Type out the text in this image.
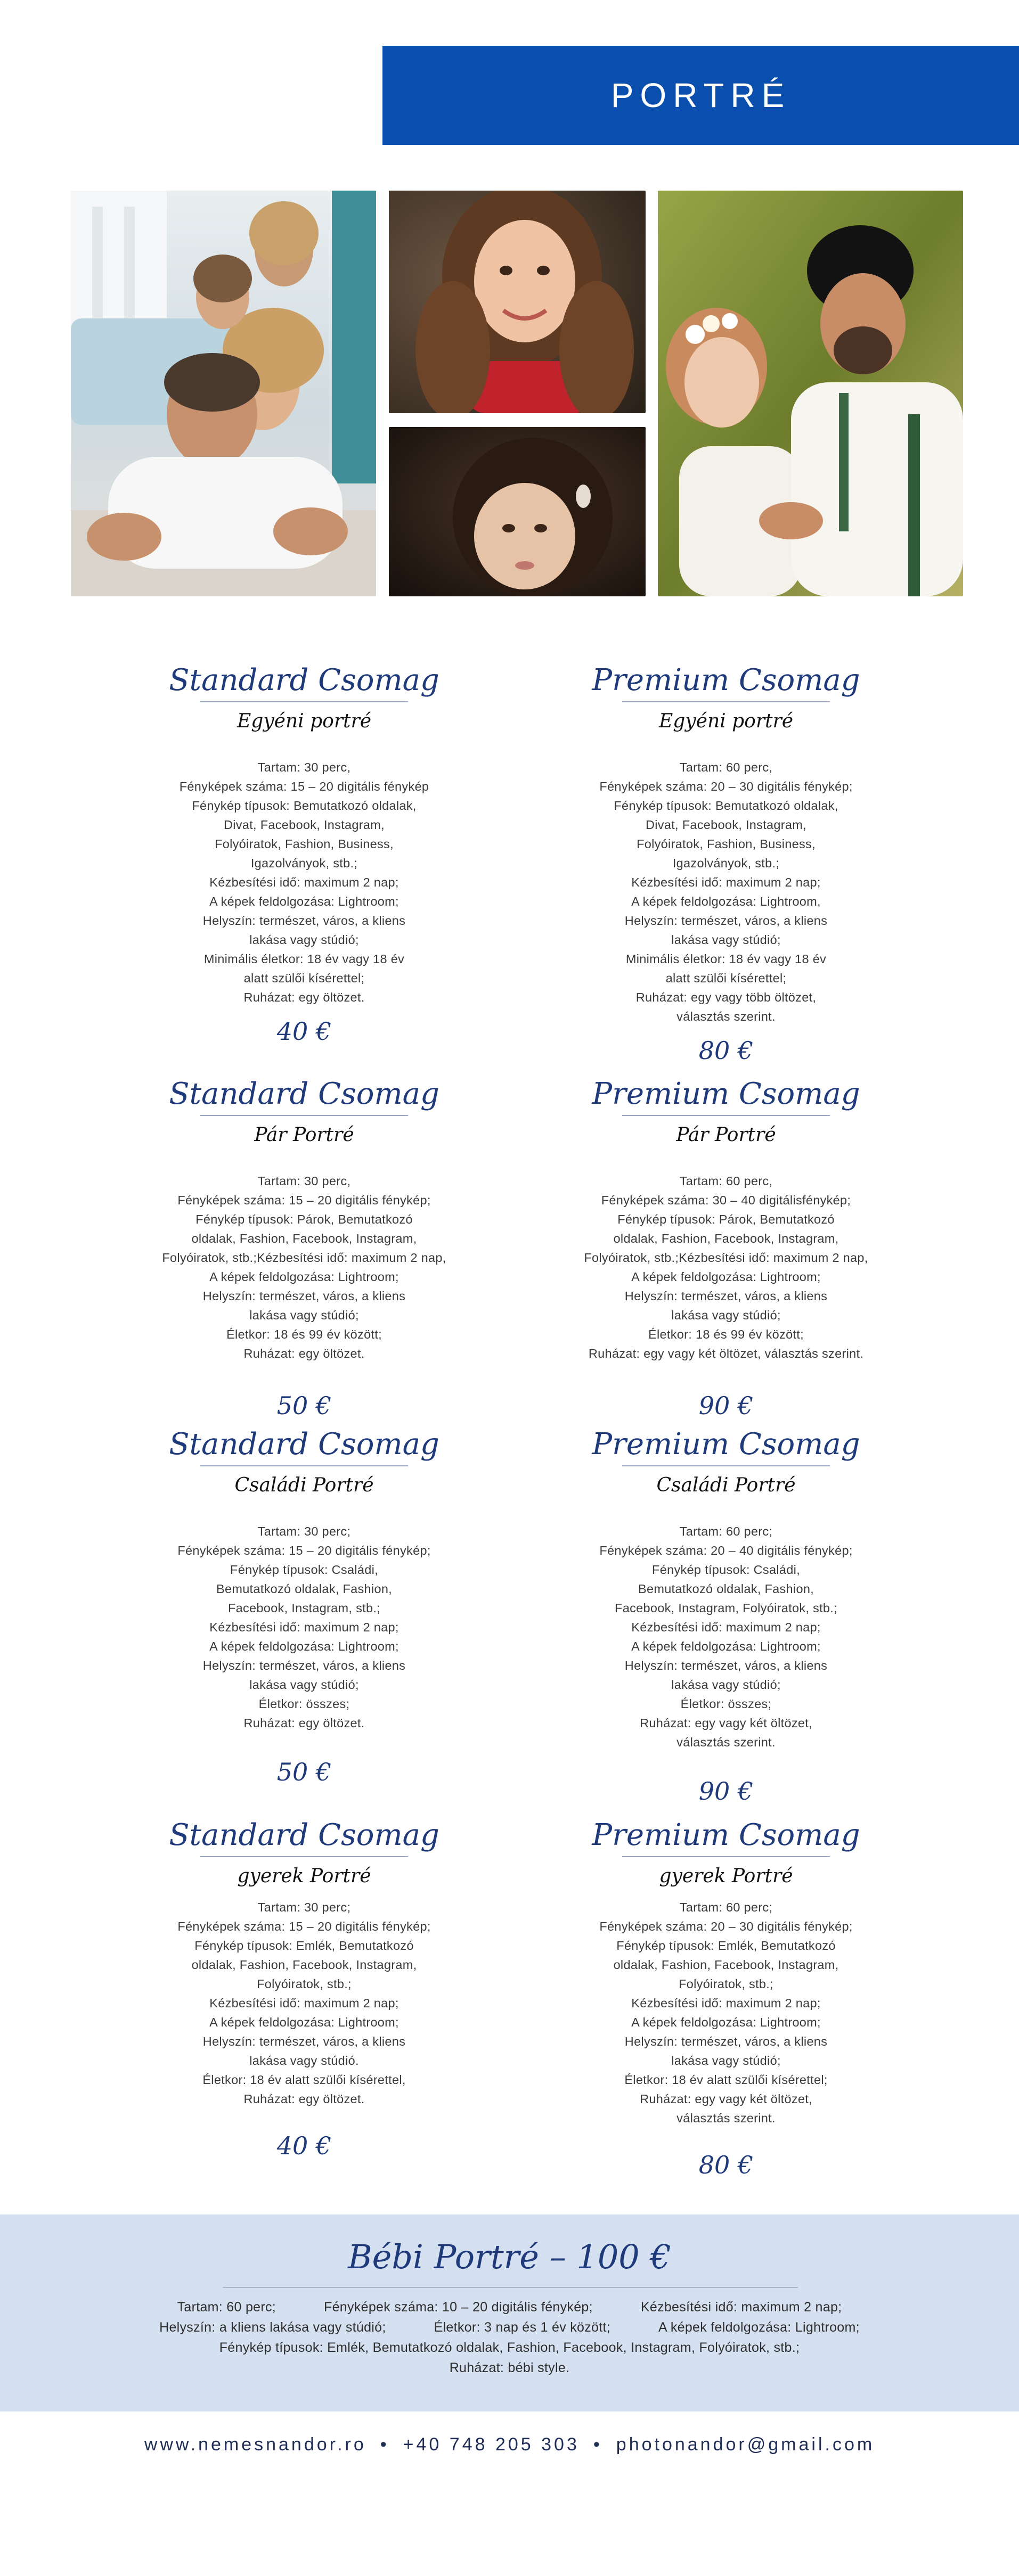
PORTRÉ
Standard Csomag
Egyéni portré
Tartam: 30 perc,
Fényképek száma: 15 – 20 digitális fénykép
Fénykép típusok: Bemutatkozó oldalak,
Divat, Facebook, Instagram,
Folyóiratok, Fashion, Business,
Igazolványok, stb.;
Kézbesítési idő: maximum 2 nap;
A képek feldolgozása: Lightroom;
Helyszín: természet, város, a kliens
lakása vagy stúdió;
Minimális életkor: 18 év vagy 18 év
alatt szülői kísérettel;
Ruházat: egy öltözet.
40 €
Premium Csomag
Egyéni portré
Tartam: 60 perc,
Fényképek száma: 20 – 30 digitális fénykép;
Fénykép típusok: Bemutatkozó oldalak,
Divat, Facebook, Instagram,
Folyóiratok, Fashion, Business,
Igazolványok, stb.;
Kézbesítési idő: maximum 2 nap;
A képek feldolgozása: Lightroom,
Helyszín: természet, város, a kliens
lakása vagy stúdió;
Minimális életkor: 18 év vagy 18 év
alatt szülői kísérettel;
Ruházat: egy vagy több öltözet,
választás szerint.
80 €
Standard Csomag
Pár Portré
Tartam: 30 perc,
Fényképek száma: 15 – 20 digitális fénykép;
Fénykép típusok: Párok, Bemutatkozó
oldalak, Fashion, Facebook, Instagram,
Folyóiratok, stb.;Kézbesítési idő: maximum 2 nap,
A képek feldolgozása: Lightroom;
Helyszín: természet, város, a kliens
lakása vagy stúdió;
Életkor: 18 és 99 év között;
Ruházat: egy öltözet.
50 €
Premium Csomag
Pár Portré
Tartam: 60 perc,
Fényképek száma: 30 – 40 digitálisfénykép;
Fénykép típusok: Párok, Bemutatkozó
oldalak, Fashion, Facebook, Instagram,
Folyóiratok, stb.;Kézbesítési idő: maximum 2 nap,
A képek feldolgozása: Lightroom;
Helyszín: természet, város, a kliens
lakása vagy stúdió;
Életkor: 18 és 99 év között;
Ruházat: egy vagy két öltözet, választás szerint.
90 €
Standard Csomag
Családi Portré
Tartam: 30 perc;
Fényképek száma: 15 – 20 digitális fénykép;
Fénykép típusok: Családi,
Bemutatkozó oldalak, Fashion,
Facebook, Instagram, stb.;
Kézbesítési idő: maximum 2 nap;
A képek feldolgozása: Lightroom;
Helyszín: természet, város, a kliens
lakása vagy stúdió;
Életkor: összes;
Ruházat: egy öltözet.
50 €
Premium Csomag
Családi Portré
Tartam: 60 perc;
Fényképek száma: 20 – 40 digitális fénykép;
Fénykép típusok: Családi,
Bemutatkozó oldalak, Fashion,
Facebook, Instagram, Folyóiratok, stb.;
Kézbesítési idő: maximum 2 nap;
A képek feldolgozása: Lightroom;
Helyszín: természet, város, a kliens
lakása vagy stúdió;
Életkor: összes;
Ruházat: egy vagy két öltözet,
választás szerint.
90 €
Standard Csomag
gyerek Portré
Tartam: 30 perc;
Fényképek száma: 15 – 20 digitális fénykép;
Fénykép típusok: Emlék, Bemutatkozó
oldalak, Fashion, Facebook, Instagram,
Folyóiratok, stb.;
Kézbesítési idő: maximum 2 nap;
A képek feldolgozása: Lightroom;
Helyszín: természet, város, a kliens
lakása vagy stúdió.
Életkor: 18 év alatt szülői kísérettel,
Ruházat: egy öltözet.
40 €
Premium Csomag
gyerek Portré
Tartam: 60 perc;
Fényképek száma: 20 – 30 digitális fénykép;
Fénykép típusok: Emlék, Bemutatkozó
oldalak, Fashion, Facebook, Instagram,
Folyóiratok, stb.;
Kézbesítési idő: maximum 2 nap;
A képek feldolgozása: Lightroom;
Helyszín: természet, város, a kliens
lakása vagy stúdió;
Életkor: 18 év alatt szülői kísérettel;
Ruházat: egy vagy két öltözet,
választás szerint.
80 €
Bébi Portré – 100 €
Tartam: 60 perc;	Fényképek száma: 10 – 20 digitális fénykép;	Kézbesítési idő: maximum 2 nap;
Helyszín: a kliens lakása vagy stúdió;	Életkor: 3 nap és 1 év között;	A képek feldolgozása: Lightroom;
Fénykép típusok: Emlék, Bemutatkozó oldalak, Fashion, Facebook, Instagram, Folyóiratok, stb.;
Ruházat: bébi style.
www.nemesnandor.ro • +40 748 205 303 • photonandor@gmail.com
